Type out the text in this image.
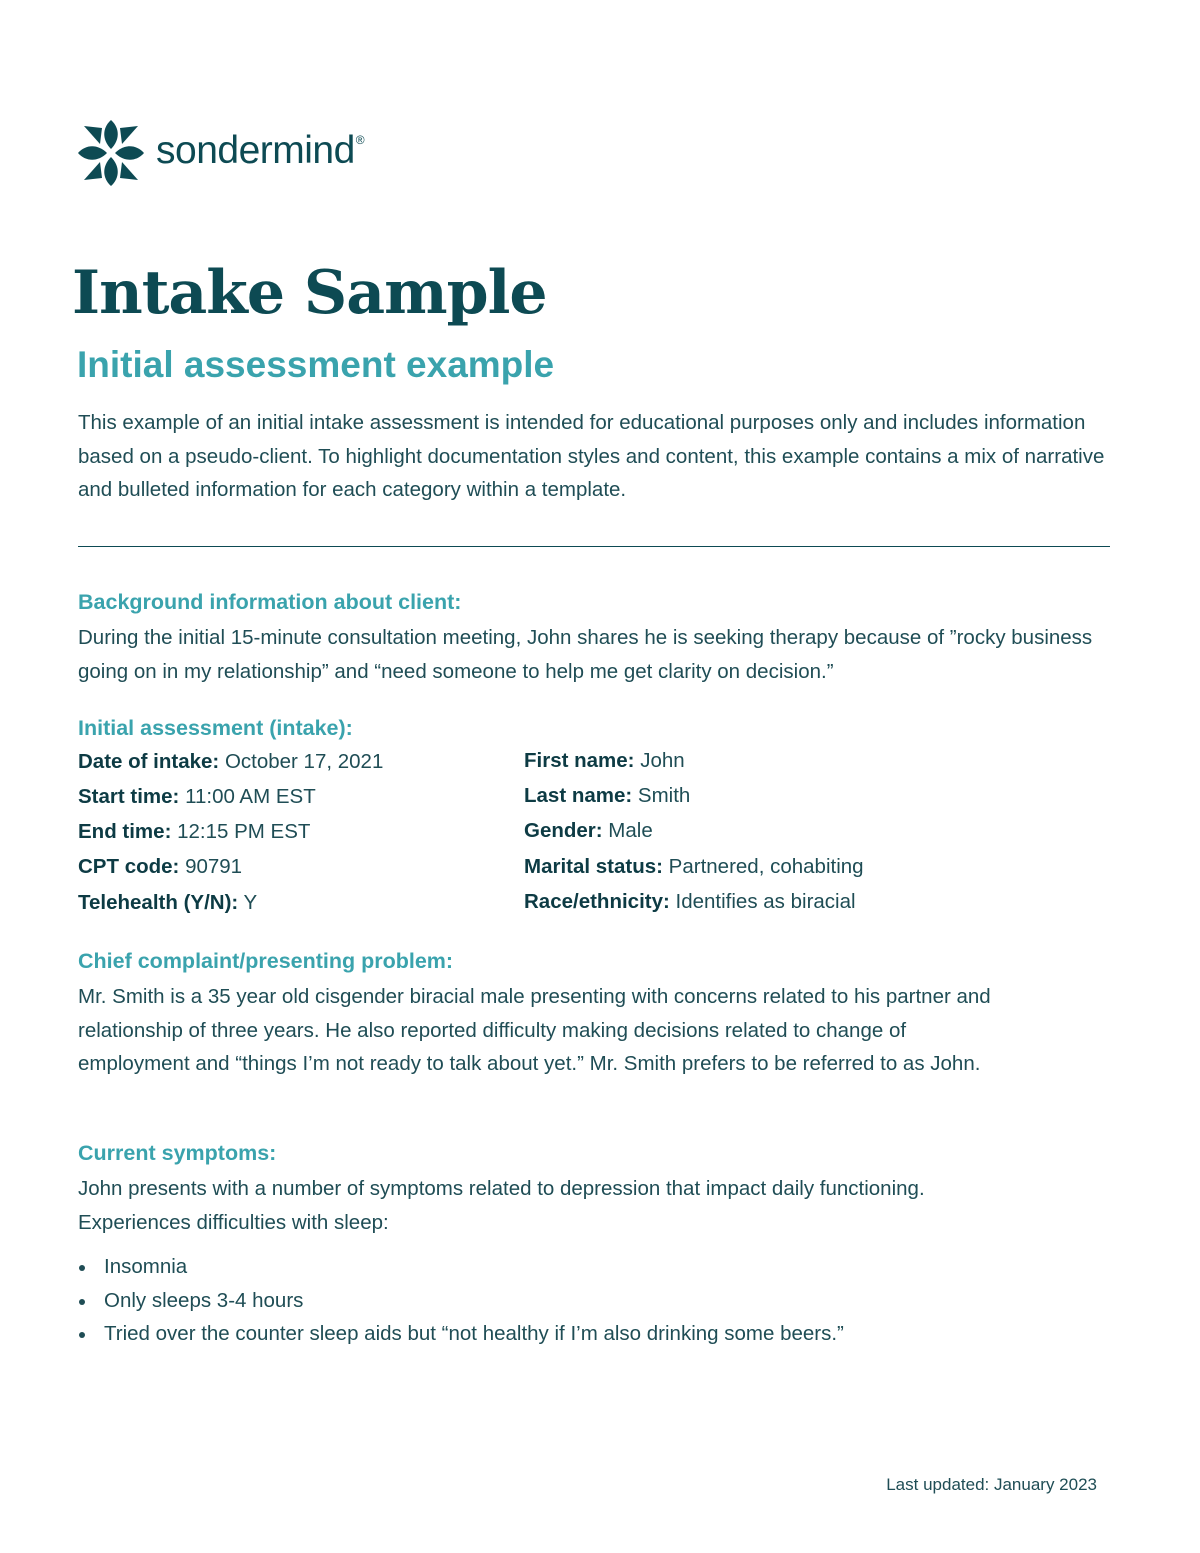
sondermind®
Intake Sample
Initial assessment example

This example of an initial intake assessment is intended for educational purposes only and includes information based on a pseudo-client. To highlight documentation styles and content, this example contains a mix of narrative and bulleted information for each category within a template.

Background information about client:

During the initial 15-minute consultation meeting, John shares he is seeking therapy because of ”rocky business going on in my relationship” and “need someone to help me get clarity on decision.”

Initial assessment (intake):
Date of intake: October 17, 2021
Start time: 11:00 AM EST
End time: 12:15 PM EST
CPT code: 90791
Telehealth (Y/N): Y
First name: John
Last name: Smith
Gender: Male
Marital status: Partnered, cohabiting
Race/ethnicity: Identifies as biracial
Chief complaint/presenting problem:

Mr. Smith is a 35 year old cisgender biracial male presenting with concerns related to his partner and relationship of three years. He also reported difficulty making decisions related to change of employment and “things I’m not ready to talk about yet.” Mr. Smith prefers to be referred to as John.

Current symptoms:

John presents with a number of symptoms related to depression that impact daily functioning. Experiences difficulties with sleep:

Insomnia
Only sleeps 3-4 hours
Tried over the counter sleep aids but “not healthy if I’m also drinking some beers.”
Last updated: January 2023
